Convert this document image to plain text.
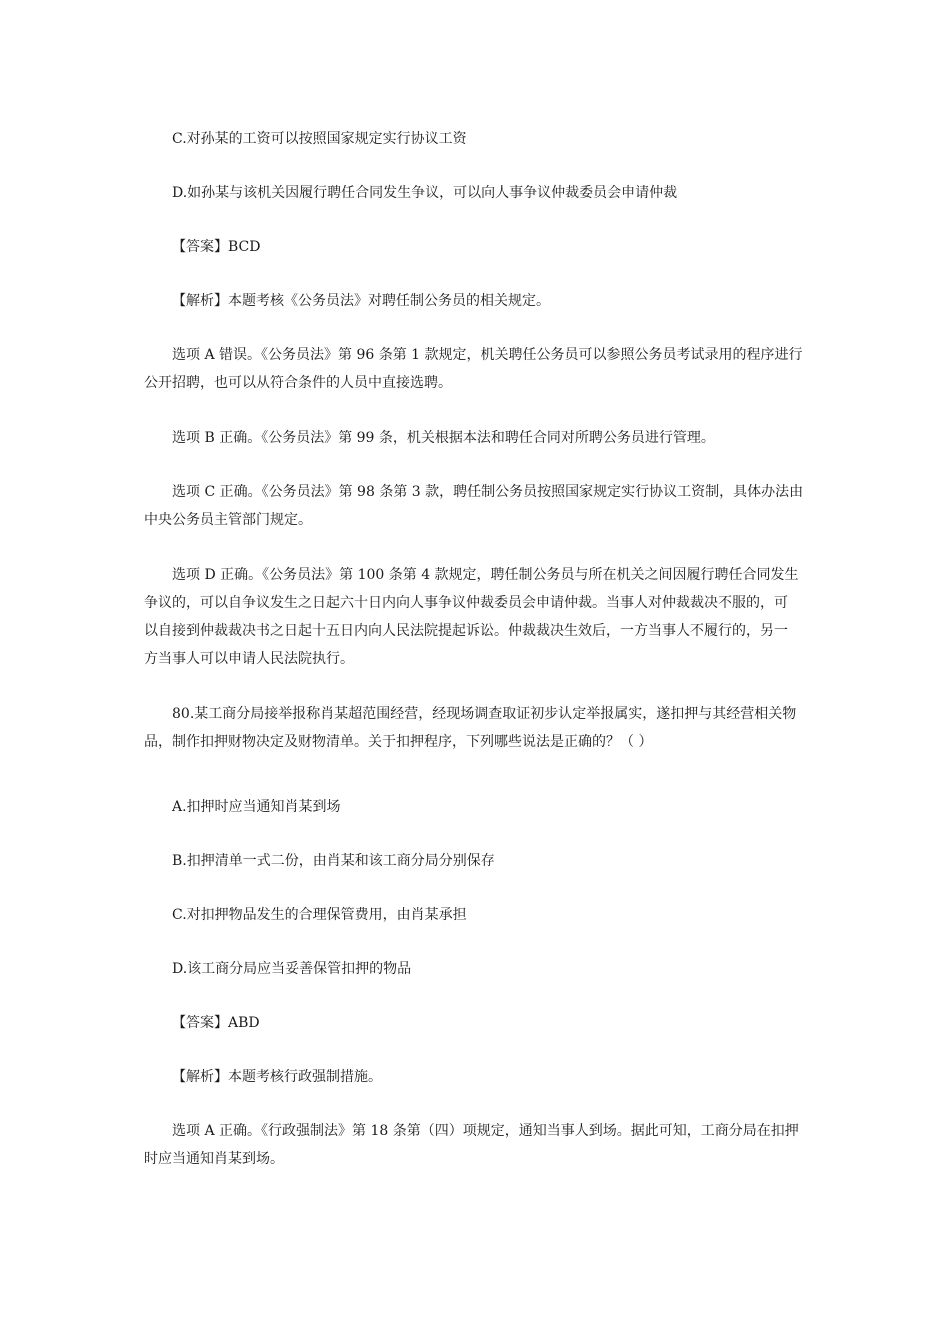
C.对孙某的工资可以按照国家规定实行协议工资
D.如孙某与该机关因履行聘任合同发生争议，可以向人事争议仲裁委员会申请仲裁
【答案】BCD
【解析】本题考核《公务员法》对聘任制公务员的相关规定。
选项 A 错误。《公务员法》第 96 条第 1 款规定，机关聘任公务员可以参照公务员考试录用的程序进行
公开招聘，也可以从符合条件的人员中直接选聘。
选项 B 正确。《公务员法》第 99 条，机关根据本法和聘任合同对所聘公务员进行管理。
选项 C 正确。《公务员法》第 98 条第 3 款，聘任制公务员按照国家规定实行协议工资制，具体办法由
中央公务员主管部门规定。
选项 D 正确。《公务员法》第 100 条第 4 款规定，聘任制公务员与所在机关之间因履行聘任合同发生
争议的，可以自争议发生之日起六十日内向人事争议仲裁委员会申请仲裁。当事人对仲裁裁决不服的，可
以自接到仲裁裁决书之日起十五日内向人民法院提起诉讼。仲裁裁决生效后，一方当事人不履行的，另一
方当事人可以申请人民法院执行。
80.某工商分局接举报称肖某超范围经营，经现场调查取证初步认定举报属实，遂扣押与其经营相关物
品，制作扣押财物决定及财物清单。关于扣押程序，下列哪些说法是正确的？（ ）
A.扣押时应当通知肖某到场
B.扣押清单一式二份，由肖某和该工商分局分别保存
C.对扣押物品发生的合理保管费用，由肖某承担
D.该工商分局应当妥善保管扣押的物品
【答案】ABD
【解析】本题考核行政强制措施。
选项 A 正确。《行政强制法》第 18 条第（四）项规定，通知当事人到场。据此可知，工商分局在扣押
时应当通知肖某到场。
